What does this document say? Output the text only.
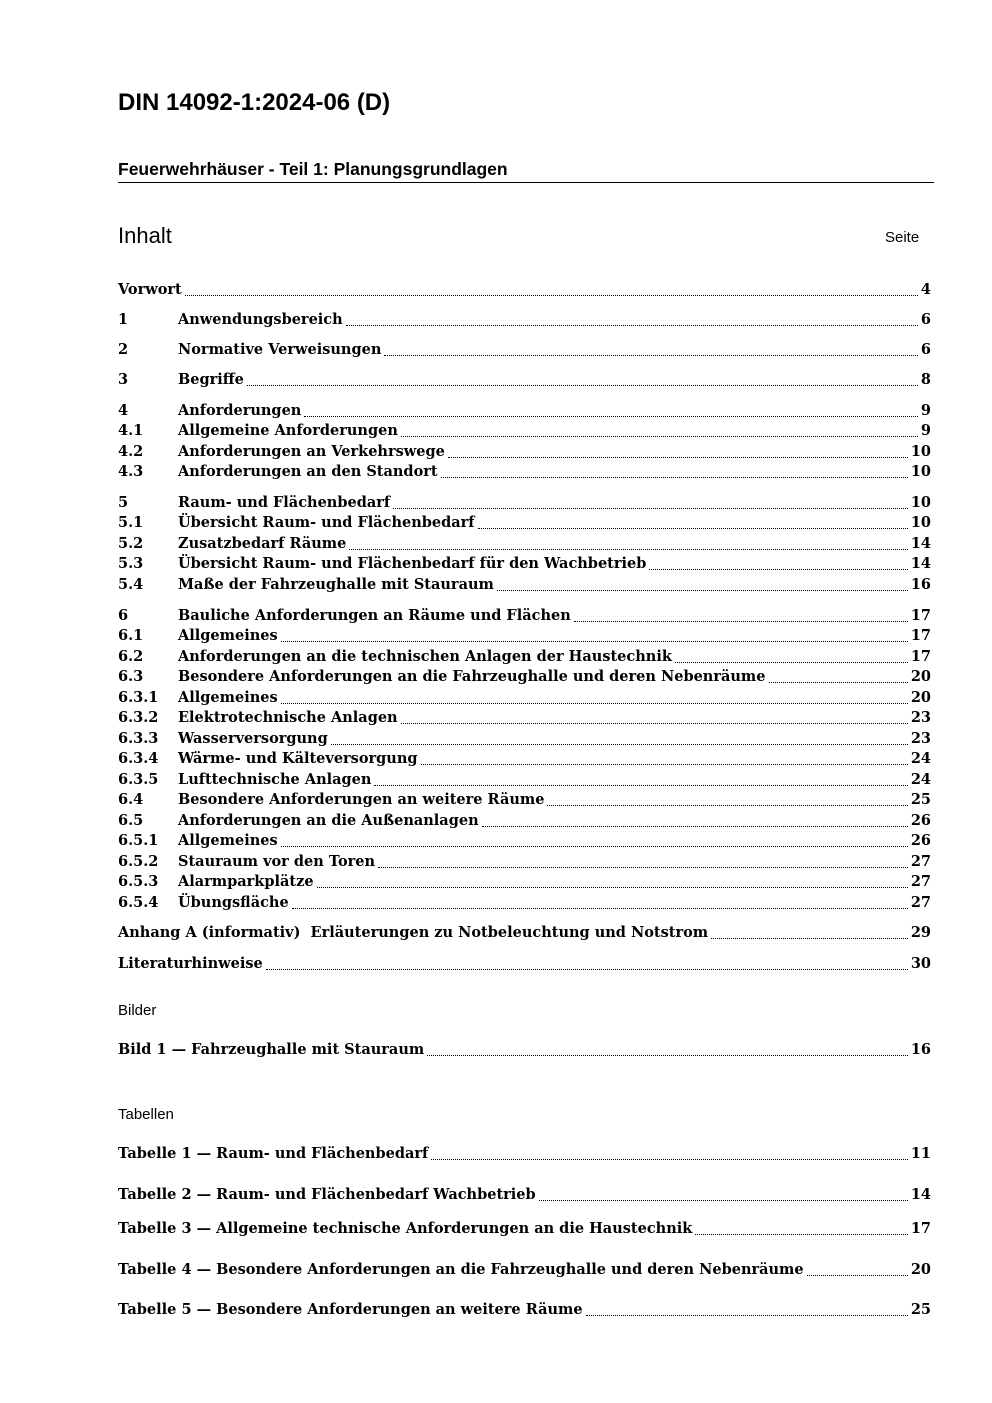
DIN 14092-1:2024-06 (D)
Feuerwehrhäuser - Teil 1: Planungsgrundlagen
Inhalt	Seite
Vorwort	4
1	Anwendungsbereich	6
2	Normative Verweisungen	6
3	Begriffe	8
4	Anforderungen	9
4.1	Allgemeine Anforderungen	9
4.2	Anforderungen an Verkehrswege	10
4.3	Anforderungen an den Standort	10
5	Raum- und Flächenbedarf	10
5.1	Übersicht Raum- und Flächenbedarf	10
5.2	Zusatzbedarf Räume	14
5.3	Übersicht Raum- und Flächenbedarf für den Wachbetrieb	14
5.4	Maße der Fahrzeughalle mit Stauraum	16
6	Bauliche Anforderungen an Räume und Flächen	17
6.1	Allgemeines	17
6.2	Anforderungen an die technischen Anlagen der Haustechnik	17
6.3	Besondere Anforderungen an die Fahrzeughalle und deren Nebenräume	20
6.3.1	Allgemeines	20
6.3.2	Elektrotechnische Anlagen	23
6.3.3	Wasserversorgung	23
6.3.4	Wärme- und Kälteversorgung	24
6.3.5	Lufttechnische Anlagen	24
6.4	Besondere Anforderungen an weitere Räume	25
6.5	Anforderungen an die Außenanlagen	26
6.5.1	Allgemeines	26
6.5.2	Stauraum vor den Toren	27
6.5.3	Alarmparkplätze	27
6.5.4	Übungsfläche	27
Anhang A (informativ)  Erläuterungen zu Notbeleuchtung und Notstrom	29
Literaturhinweise	30
Bilder
Bild 1 — Fahrzeughalle mit Stauraum	16
Tabellen
Tabelle 1 — Raum- und Flächenbedarf	11
Tabelle 2 — Raum- und Flächenbedarf Wachbetrieb	14
Tabelle 3 — Allgemeine technische Anforderungen an die Haustechnik	17
Tabelle 4 — Besondere Anforderungen an die Fahrzeughalle und deren Nebenräume	20
Tabelle 5 — Besondere Anforderungen an weitere Räume	25
